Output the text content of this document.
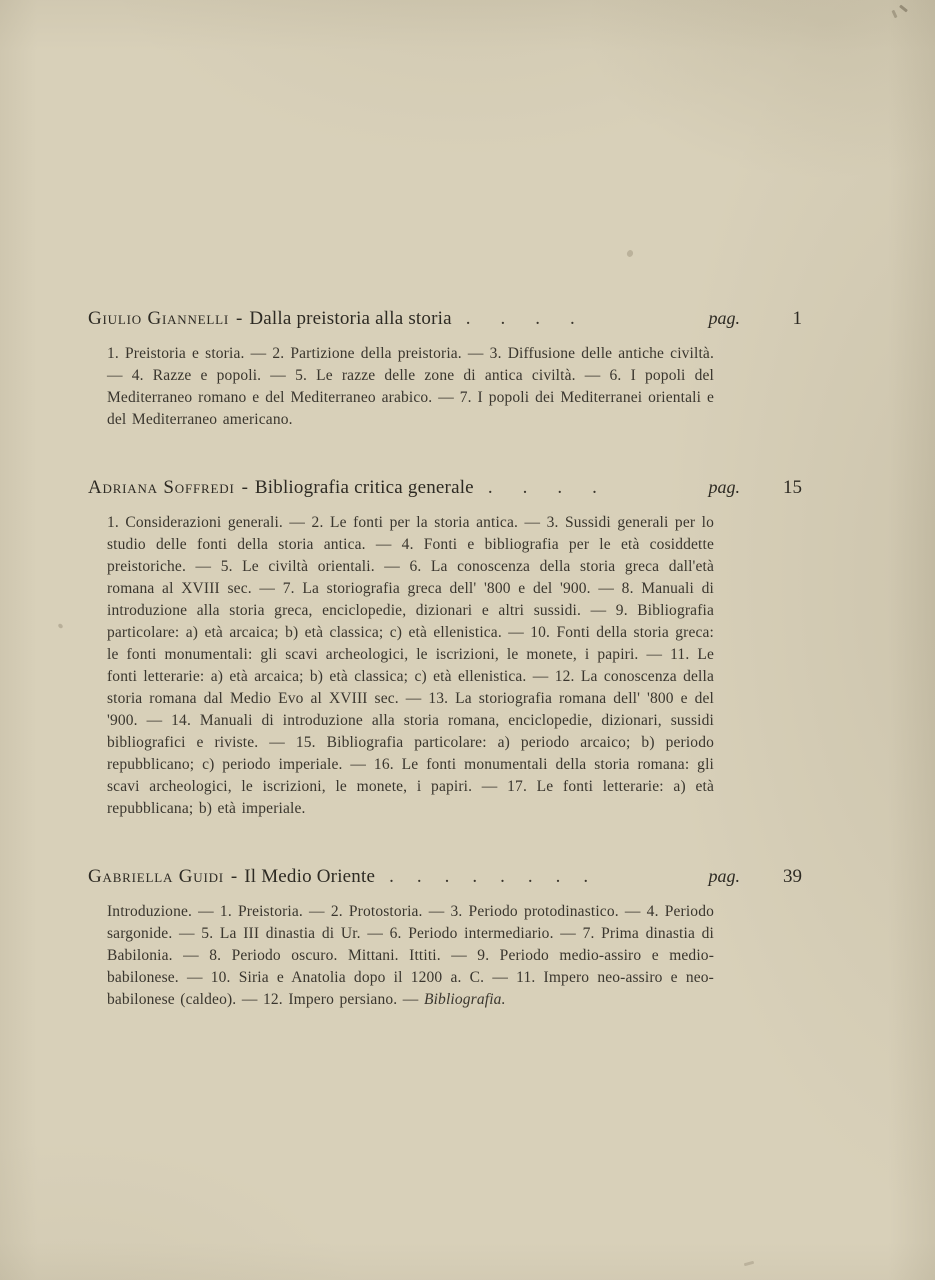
Giulio Giannelli - Dalla preistoria alla storia ....	pag.	1

1. Preistoria e storia. — 2. Partizione della preistoria. — 3. Diffusione delle antiche civiltà. — 4. Razze e popoli. — 5. Le razze delle zone di antica civiltà. — 6. I popoli del Mediterraneo romano e del Mediterraneo arabico. — 7. I popoli dei Mediterranei orientali e del Mediterraneo americano.

Adriana Soffredi - Bibliografia critica generale ....	pag.	15

1. Considerazioni generali. — 2. Le fonti per la storia antica. — 3. Sussidi generali per lo studio delle fonti della storia antica. — 4. Fonti e bibliografia per le età cosiddette preistoriche. — 5. Le civiltà orientali. — 6. La conoscenza della storia greca dall'età romana al XVIII sec. — 7. La storiografia greca dell' '800 e del '900. — 8. Manuali di introduzione alla storia greca, enciclopedie, dizionari e altri sussidi. — 9. Bibliografia particolare: a) età arcaica; b) età classica; c) età ellenistica. — 10. Fonti della storia greca: le fonti monumentali: gli scavi archeologici, le iscrizioni, le monete, i papiri. — 11. Le fonti letterarie: a) età arcaica; b) età classica; c) età ellenistica. — 12. La conoscenza della storia romana dal Medio Evo al XVIII sec. — 13. La storiografia romana dell' '800 e del '900. — 14. Manuali di introduzione alla storia romana, enciclopedie, dizionari, sussidi bibliografici e riviste. — 15. Bibliografia particolare: a) periodo arcaico; b) periodo repubblicano; c) periodo imperiale. — 16. Le fonti monumentali della storia romana: gli scavi archeologici, le iscrizioni, le monete, i papiri. — 17. Le fonti letterarie: a) età repubblicana; b) età imperiale.

Gabriella Guidi - Il Medio Oriente ........	pag.	39

Introduzione. — 1. Preistoria. — 2. Protostoria. — 3. Periodo protodinastico. — 4. Periodo sargonide. — 5. La III dinastia di Ur. — 6. Periodo intermediario. — 7. Prima dinastia di Babilonia. — 8. Periodo oscuro. Mittani. Ittiti. — 9. Periodo medio-assiro e medio-babilonese. — 10. Siria e Anatolia dopo il 1200 a. C. — 11. Impero neo-assiro e neo-babilonese (caldeo). — 12. Impero persiano. — Bibliografia.
